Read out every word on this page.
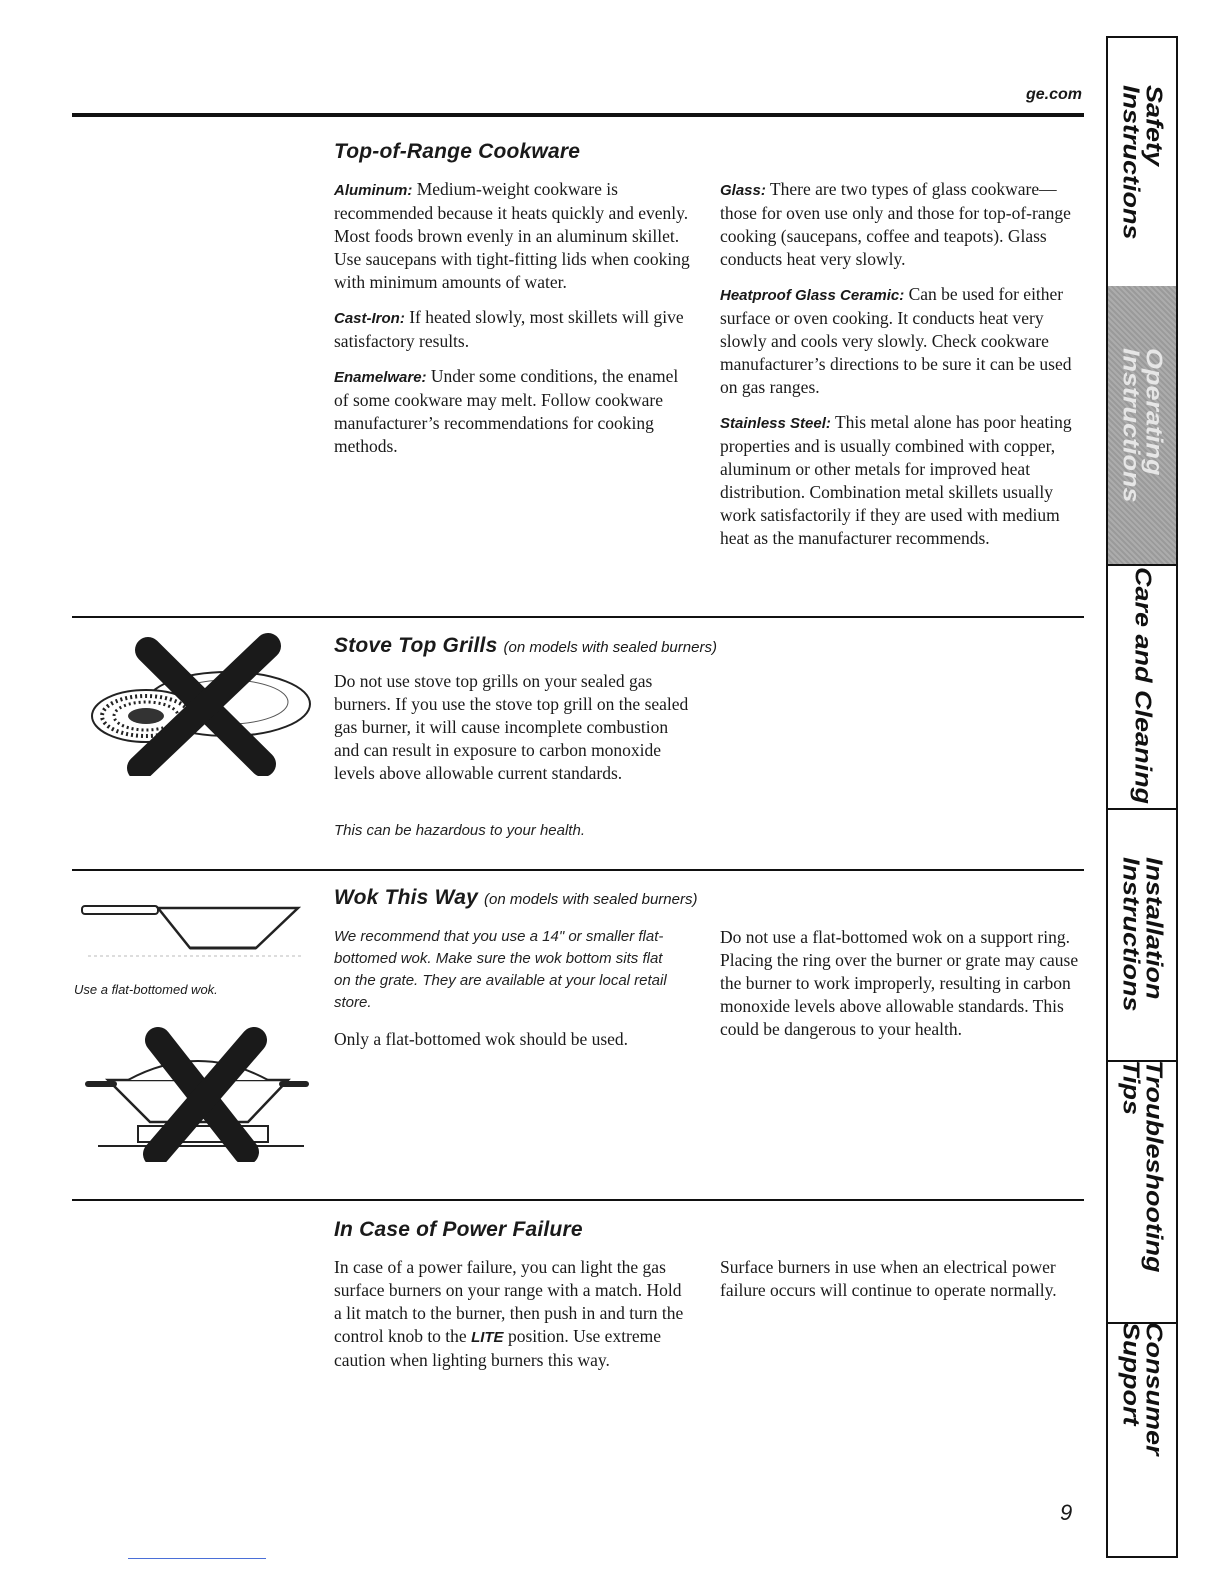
ge.com
Top-of-Range Cookware

Aluminum: Medium-weight cookware is recommended because it heats quickly and evenly. Most foods brown evenly in an aluminum skillet. Use saucepans with tight-fitting lids when cooking with minimum amounts of water.

Cast-Iron: If heated slowly, most skillets will give satisfactory results.

Enamelware: Under some conditions, the enamel of some cookware may melt. Follow cookware manufacturer’s recommendations for cooking methods.

Glass: There are two types of glass cookware—those for oven use only and those for top-of-range cooking (saucepans, coffee and teapots). Glass conducts heat very slowly.

Heatproof Glass Ceramic: Can be used for either surface or oven cooking. It conducts heat very slowly and cools very slowly. Check cookware manufacturer’s directions to be sure it can be used on gas ranges.

Stainless Steel: This metal alone has poor heating properties and is usually combined with copper, aluminum or other metals for improved heat distribution. Combination metal skillets usually work satisfactorily if they are used with medium heat as the manufacturer recommends.

Stove Top Grills (on models with sealed burners)
Do not use stove top grills on your sealed gas burners. If you use the stove top grill on the sealed gas burner, it will cause incomplete combustion and can result in exposure to carbon monoxide levels above allowable current standards.
This can be hazardous to your health.
Use a flat-bottomed wok.
Wok This Way (on models with sealed burners)
We recommend that you use a 14" or smaller flat-bottomed wok. Make sure the wok bottom sits flat on the grate. They are available at your local retail store.
Only a flat-bottomed wok should be used.
Do not use a flat-bottomed wok on a support ring. Placing the ring over the burner or grate may cause the burner to work improperly, resulting in carbon monoxide levels above allowable standards. This could be dangerous to your health.
In Case of Power Failure
In case of a power failure, you can light the gas surface burners on your range with a match. Hold a lit match to the burner, then push in and turn the control knob to the LITE position. Use extreme caution when lighting burners this way.
Surface burners in use when an electrical power failure occurs will continue to operate normally.
Safety
Instructions
Operating
Instructions
Care and Cleaning
Installation
Instructions
Troubleshooting Tips
Consumer Support
9
